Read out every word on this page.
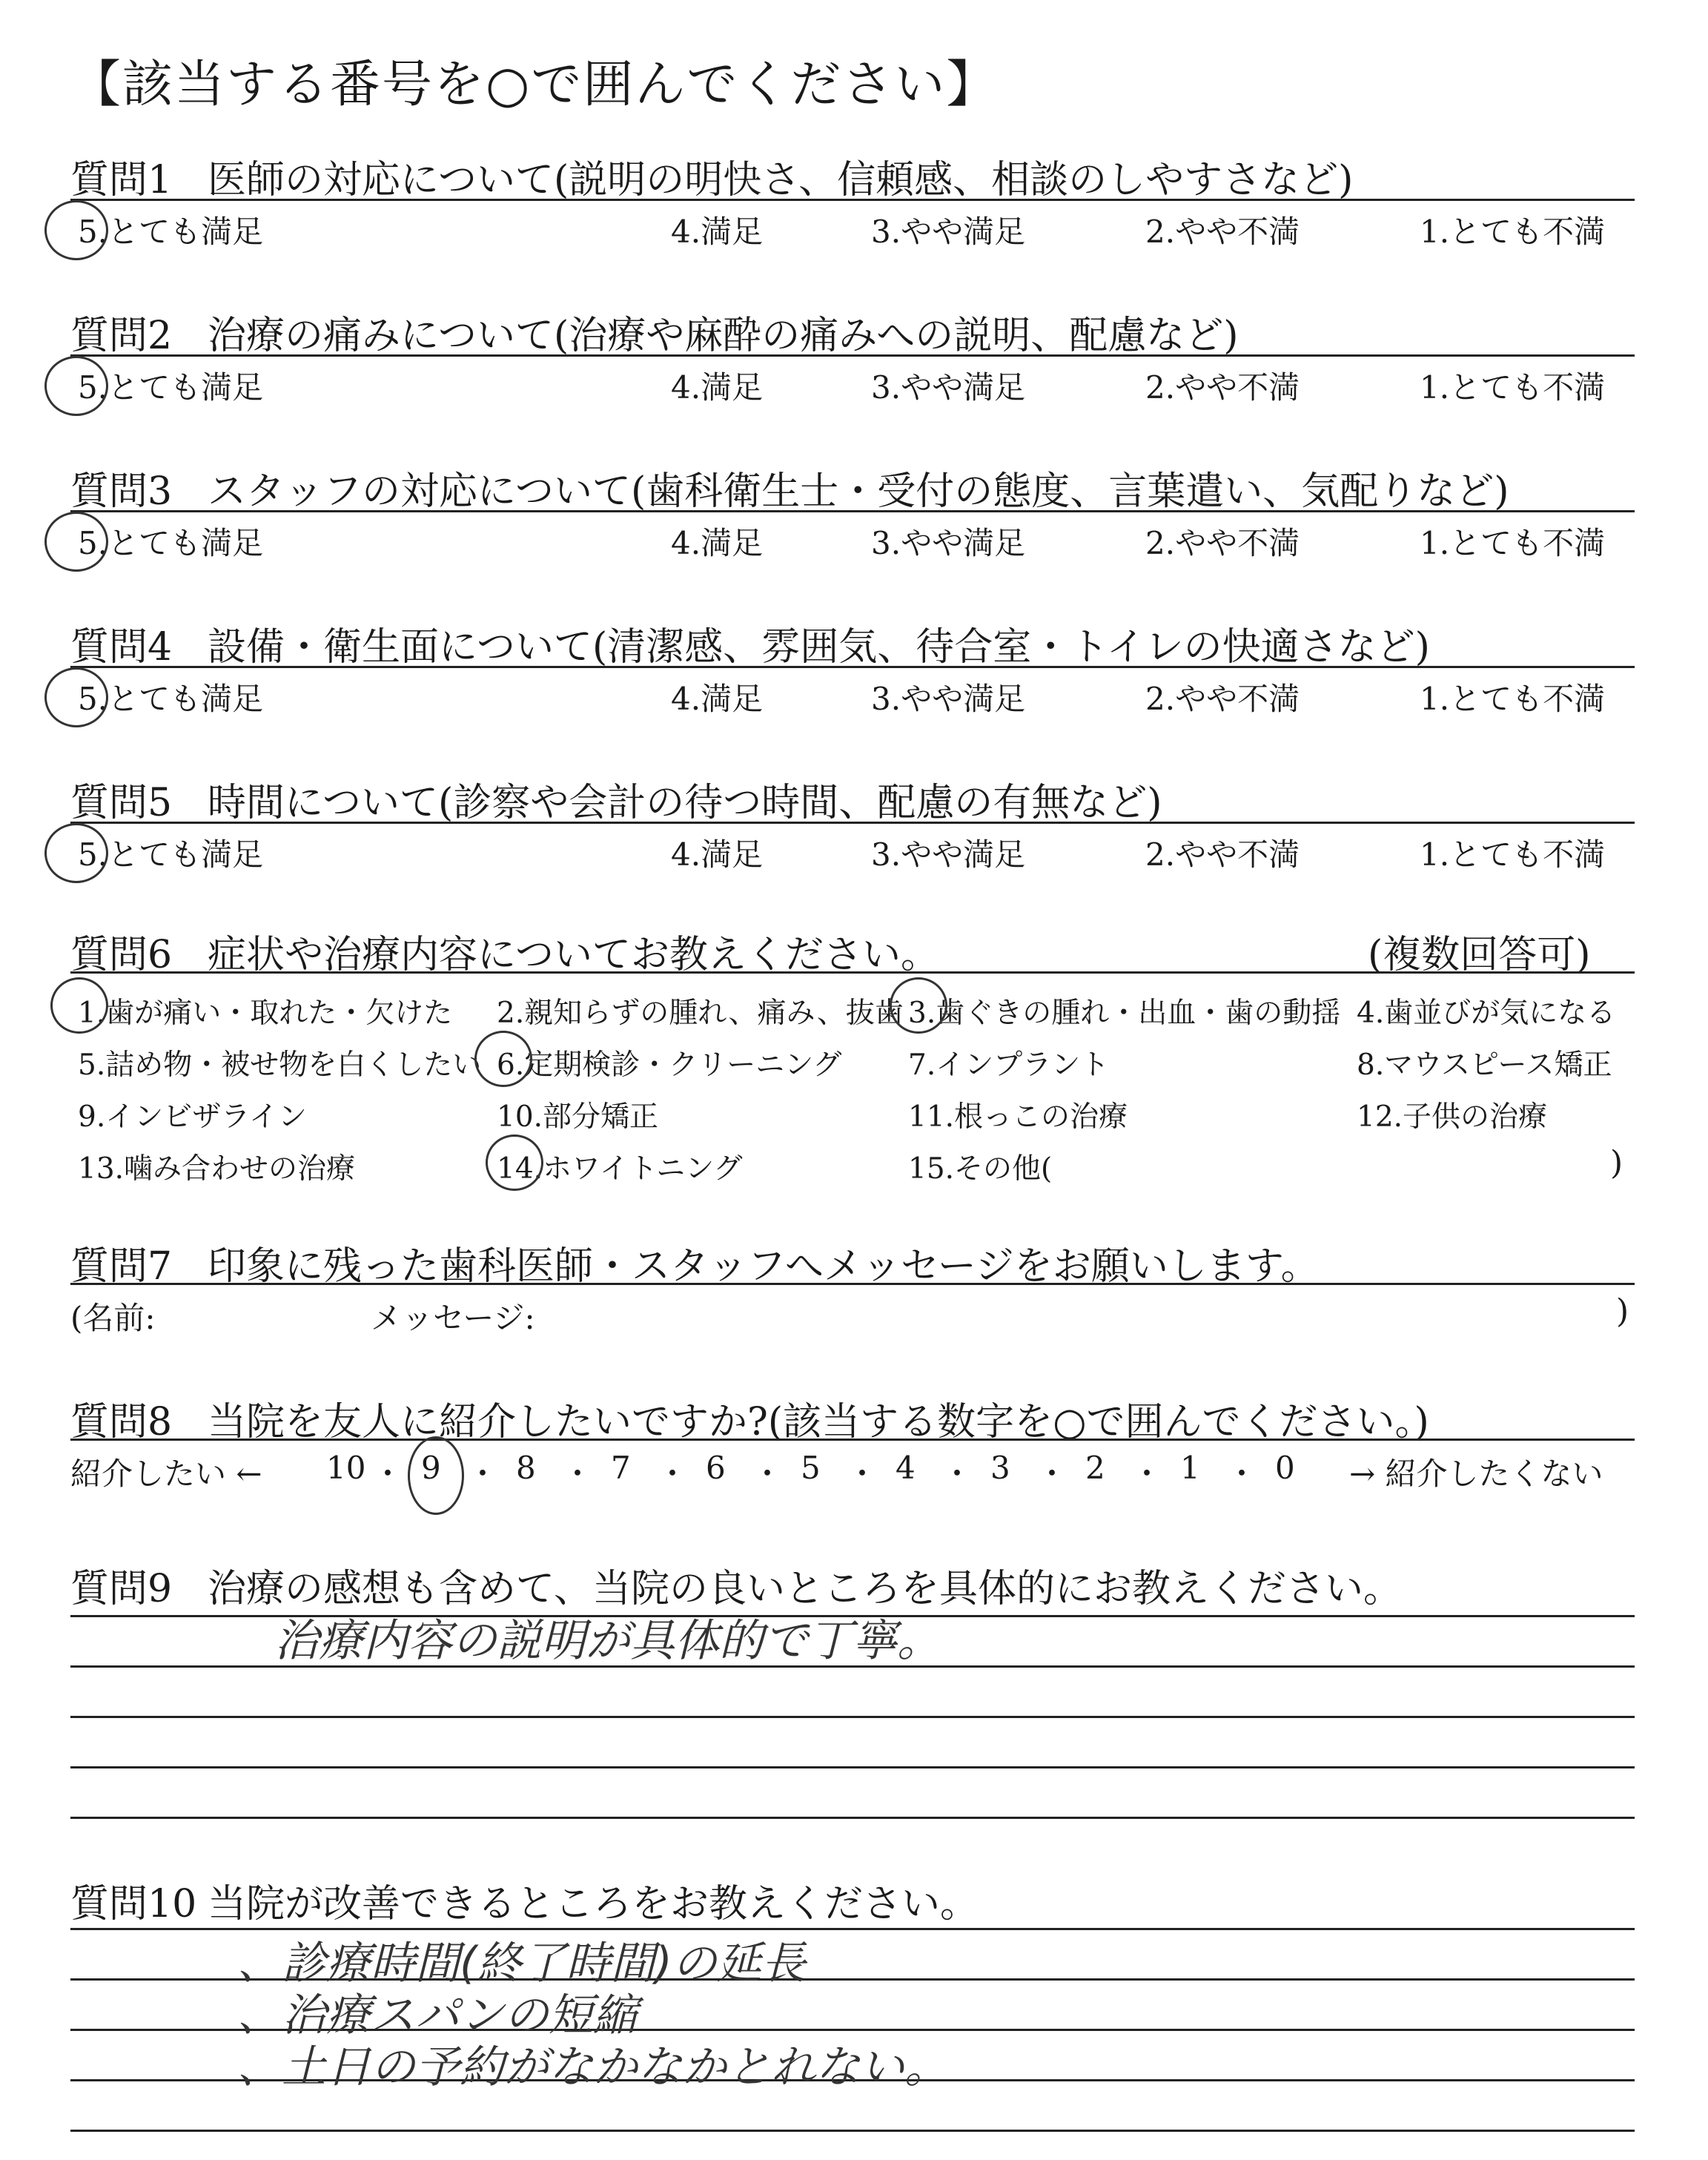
【該当する番号を○で囲んでください】
質問1 医師の対応について(説明の明快さ、信頼感、相談のしやすさなど)
5.とても満足	4.満足	3.やや満足	2.やや不満	1.とても不満
質問2 治療の痛みについて(治療や麻酔の痛みへの説明、配慮など)
5.とても満足	4.満足	3.やや満足	2.やや不満	1.とても不満
質問3 スタッフの対応について(歯科衛生士・受付の態度、言葉遣い、気配りなど)
5.とても満足	4.満足	3.やや満足	2.やや不満	1.とても不満
質問4 設備・衛生面について(清潔感、雰囲気、待合室・トイレの快適さなど)
5.とても満足	4.満足	3.やや満足	2.やや不満	1.とても不満
質問5 時間について(診察や会計の待つ時間、配慮の有無など)
5.とても満足	4.満足	3.やや満足	2.やや不満	1.とても不満
質問6 症状や治療内容についてお教えください。	(複数回答可)
1.歯が痛い・取れた・欠けた 2.親知らずの腫れ、痛み、抜歯 3.歯ぐきの腫れ・出血・歯の動揺 4.歯並びが気になる
5.詰め物・被せ物を白くしたい 6.定期検診・クリーニング 7.インプラント	8.マウスピース矯正
9.インビザライン	10.部分矯正	11.根っこの治療	12.子供の治療
13.噛み合わせの治療	14.ホワイトニング	15.その他(	)
質問7 印象に残った歯科医師・スタッフへメッセージをお願いします。
(名前:	メッセージ:	)
質問8 当院を友人に紹介したいですか?(該当する数字を○で囲んでください。)
紹介したい ← 10 ・ 9 ・ 8 ・ 7 ・ 6 ・ 5 ・ 4 ・ 3 ・ 2 ・ 1 ・ 0 → 紹介したくない
質問9 治療の感想も含めて、当院の良いところを具体的にお教えください。
治療内容の説明が具体的で丁寧。
質問10 当院が改善できるところをお教えください。
、診療時間(終了時間)の延長
、治療スパンの短縮
、土日の予約がなかなかとれない。
